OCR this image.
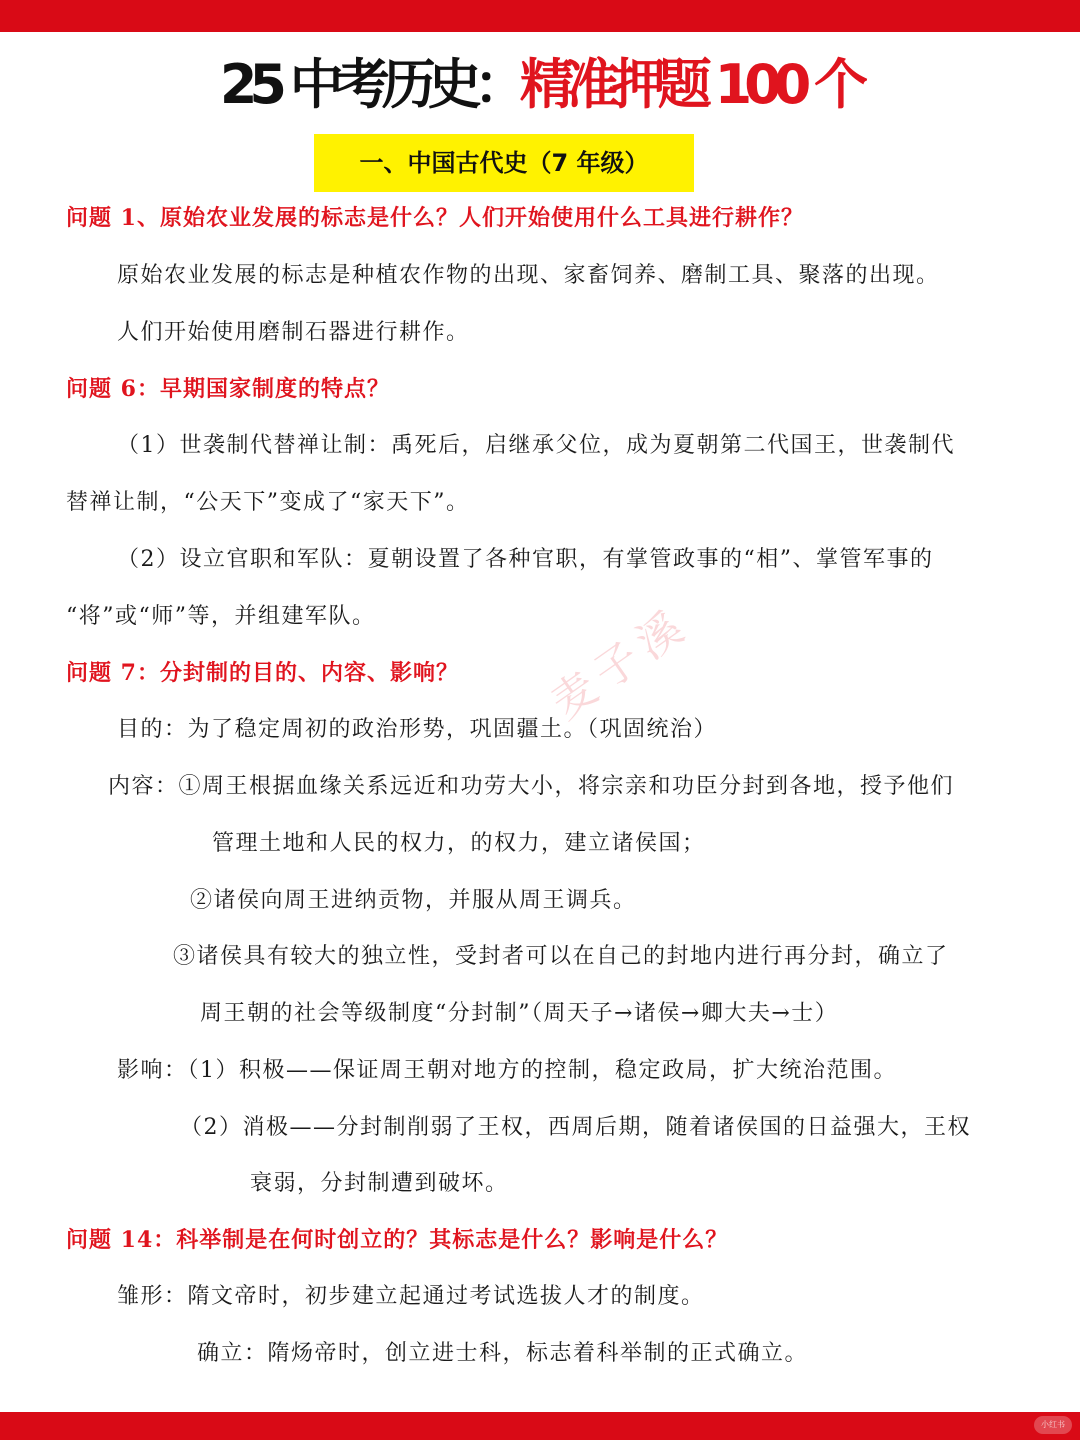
25 中考历史：精准押题 100 个
一、中国古代史（7 年级）
问题 1、原始农业发展的标志是什么？人们开始使用什么工具进行耕作？
原始农业发展的标志是种植农作物的出现、家畜饲养、磨制工具、聚落的出现。
人们开始使用磨制石器进行耕作。
问题 6：早期国家制度的特点？
（1）世袭制代替禅让制：禹死后，启继承父位，成为夏朝第二代国王，世袭制代
替禅让制，“公天下”变成了“家天下”。
（2）设立官职和军队：夏朝设置了各种官职，有掌管政事的“相”、掌管军事的
“将”或“师”等，并组建军队。
问题 7：分封制的目的、内容、影响？
目的：为了稳定周初的政治形势，巩固疆土。（巩固统治）
内容：①周王根据血缘关系远近和功劳大小，将宗亲和功臣分封到各地，授予他们
管理土地和人民的权力，的权力，建立诸侯国；
②诸侯向周王进纳贡物，并服从周王调兵。
③诸侯具有较大的独立性，受封者可以在自己的封地内进行再分封，确立了
周王朝的社会等级制度“分封制”（周天子→诸侯→卿大夫→士）
影响：（1）积极——保证周王朝对地方的控制，稳定政局，扩大统治范围。
（2）消极——分封制削弱了王权，西周后期，随着诸侯国的日益强大，王权
衰弱，分封制遭到破坏。
问题 14：科举制是在何时创立的？其标志是什么？影响是什么？
雏形：隋文帝时，初步建立起通过考试选拔人才的制度。
确立：隋炀帝时，创立进士科，标志着科举制的正式确立。
麦子溪
小红书
